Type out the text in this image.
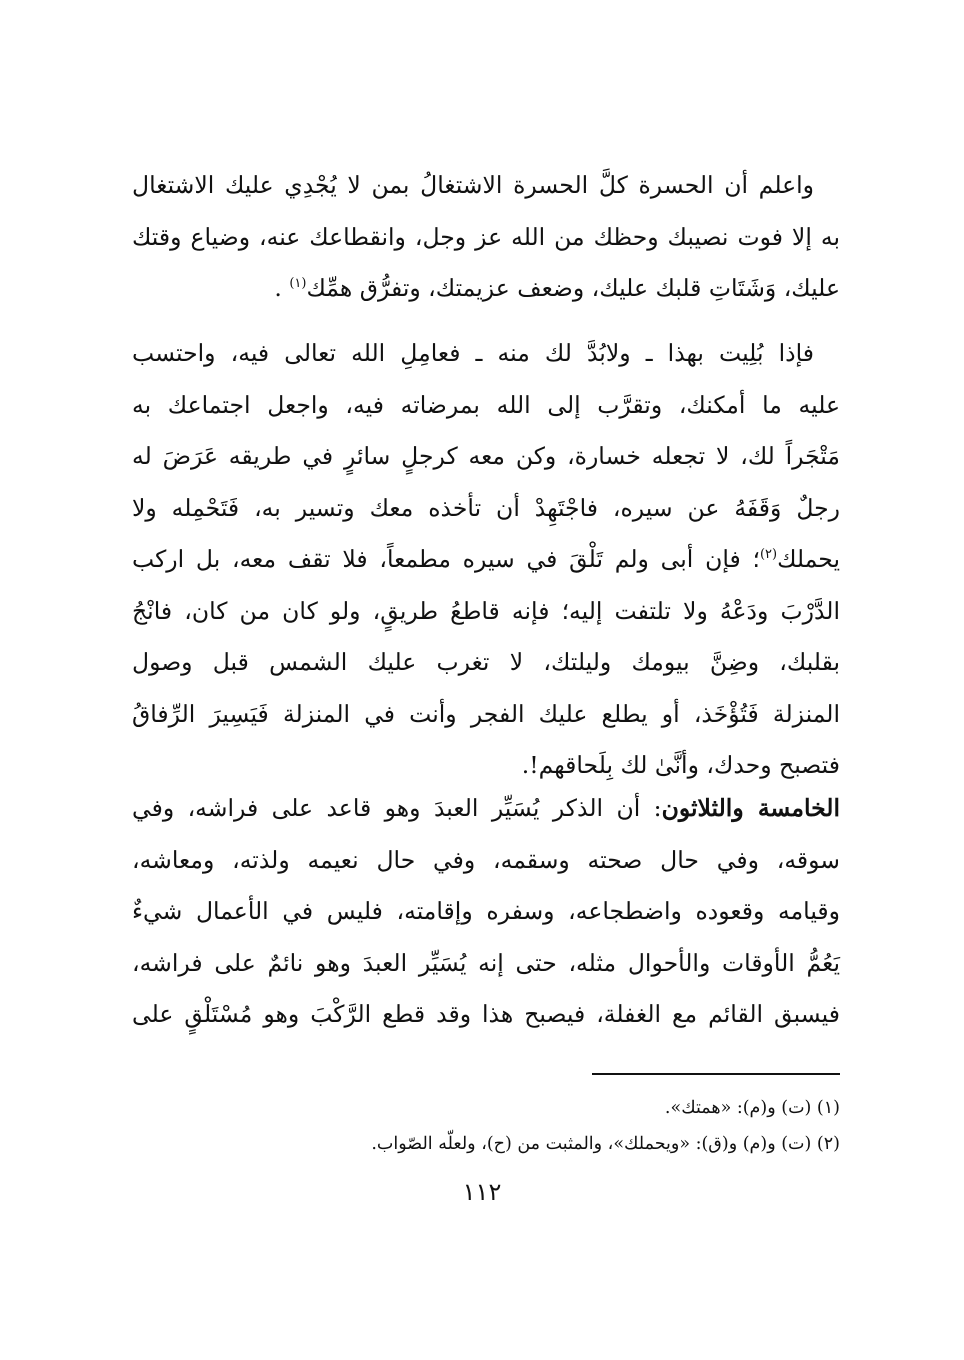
واعلم أن الحسرة كلَّ الحسرة الاشتغالُ بمن لا يُجْدِي عليك الاشتغال
به إلا فوت نصيبك وحظك من الله عز وجل، وانقطاعك عنه، وضياع وقتك
عليك، وَشَتَاتِ قلبك عليك، وضعف عزيمتك، وتفرُّق همِّك$^{(١)}$ .
فإذا بُلِيت بهذا ـ ولابُدَّ لك منه ـ فعامِلِ الله تعالى فيه، واحتسب
عليه ما أمكنك، وتقرَّب إلى الله بمرضاته فيه، واجعل اجتماعك به
مَتْجَراً لك، لا تجعله خسارة، وكن معه كرجلٍ سائرٍ في طريقه عَرَضَ له
رجلٌ وَقَفَهُ عن سيره، فاجْتَهِدْ أن تأخذه معك وتسير به، فَتَحْمِله ولا
يحملك$^{(٢)}$؛ فإن أبى ولم تَلْقَ في سيره مطمعاً، فلا تقف معه، بل اركب
الدَّرْبَ ودَعْهُ ولا تلتفت إليه؛ فإنه قاطعُ طريقٍ، ولو كان من كان، فانْجُ
بقلبك، وضِنَّ بيومك وليلتك، لا تغرب عليك الشمس قبل وصول
المنزلة فَتُؤْخَذ، أو يطلع عليك الفجر وأنت في المنزلة فَيَسِيرَ الرِّفاقُ
فتصبح وحدك، وأنَّىٰ لك بِلَحاقهم!.
الخامسة والثلاثون: أن الذكر يُسَيِّر العبدَ وهو قاعد على فراشه، وفي
سوقه، وفي حال صحته وسقمه، وفي حال نعيمه ولذته، ومعاشه،
وقيامه وقعوده واضطجاعه، وسفره وإقامته، فليس في الأعمال شيءٌ
يَعُمُّ الأوقات والأحوال مثله، حتى إنه يُسَيِّر العبدَ وهو نائمٌ على فراشه،
فيسبق القائم مع الغفلة، فيصبح هذا وقد قطع الرَّكْبَ وهو مُسْتَلْقٍ على
(١) (ت) و(م): «همتك».
(٢) (ت) و(م) و(ق): «ويحملك»، والمثبت من (ح)، ولعلّه الصّواب.
١١٢
